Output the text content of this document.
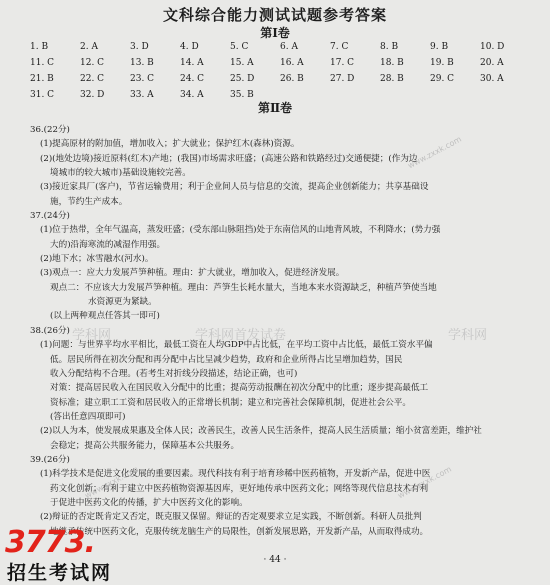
文科综合能力测试试题参考答案
第Ⅰ卷
1. B	2. A	3. D	4. D	5. C	6. A	7. C	8. B	9. B	10. D
11. C	12. C	13. B	14. A	15. A	16. A	17. C	18. B	19. B	20. A
21. B	22. C	23. C	24. C	25. D	26. B	27. D	28. B	29. C	30. A
31. C	32. D	33. A	34. A	35. B
第Ⅱ卷

36.(22分)

(1)提高原材的附加值，增加收入；扩大就业；保护红木(森林)资源。

(2)(地处边境)接近原料(红木)产地；(我国)市场需求旺盛；(高速公路和铁路经过)交通便捷；(作为边

境城市的较大城市)基础设施较完善。

(3)接近家具厂(客户)，节省运输费用；利于企业间人员与信息的交流，提高企业创新能力；共享基础设

施，节约生产成本。

37.(24分)

(1)位于热带，全年气温高，蒸发旺盛；(受东部山脉阻挡)处于东南信风的山地背风坡，不利降水；(势力强

大的)沿海寒流的减湿作用强。

(2)地下水；冰雪融水(河水)。

(3)观点一：应大力发展芦笋种植。理由：扩大就业，增加收入，促进经济发展。

观点二：不应该大力发展芦笋种植。理由：芦笋生长耗水量大，当地本来水资源缺乏，种植芦笋使当地

水资源更为紧缺。

(以上两种观点任答其一即可)

38.(26分)

(1)问题：与世界平均水平相比，最低工资在人均GDP中占比低，在平均工资中占比低，最低工资水平偏

低。居民所得在初次分配和再分配中占比呈减少趋势，政府和企业所得占比呈增加趋势，国民

收入分配结构不合理。(若考生对折线分段描述，结论正确，也可)

对策：提高居民收入在国民收入分配中的比重；提高劳动报酬在初次分配中的比重；逐步提高最低工

资标准；建立职工工资和居民收入的正常增长机制；建立和完善社会保障机制，促进社会公平。

(答出任意四项即可)

(2)以人为本，使发展成果惠及全体人民；改善民生，改善人民生活条件，提高人民生活质量；缩小贫富差距，维护社

会稳定；提高公共服务能力，保障基本公共服务。

39.(26分)

(1)科学技术是促进文化发展的重要因素。现代科技有利于培育珍稀中医药植物，开发新产品，促进中医

药文化创新；有利于建立中医药植物资源基因库，更好地传承中医药文化；网络等现代信息技术有利

于促进中医药文化的传播，扩大中医药文化的影响。

(2)辩证的否定既肯定又否定，既克服又保留。辩证的否定观要求立足实践，不断创新。科研人员批判

地继承传统中医药文化，克服传统龙脑生产的局限性，创新发展思路，开发新产品，从而取得成功。

学科网首发试卷
学科网	学科网
www.zxxk.com
www.zxxk.com	www.zxxk.com
· 44 ·
3773.
招生考试网
